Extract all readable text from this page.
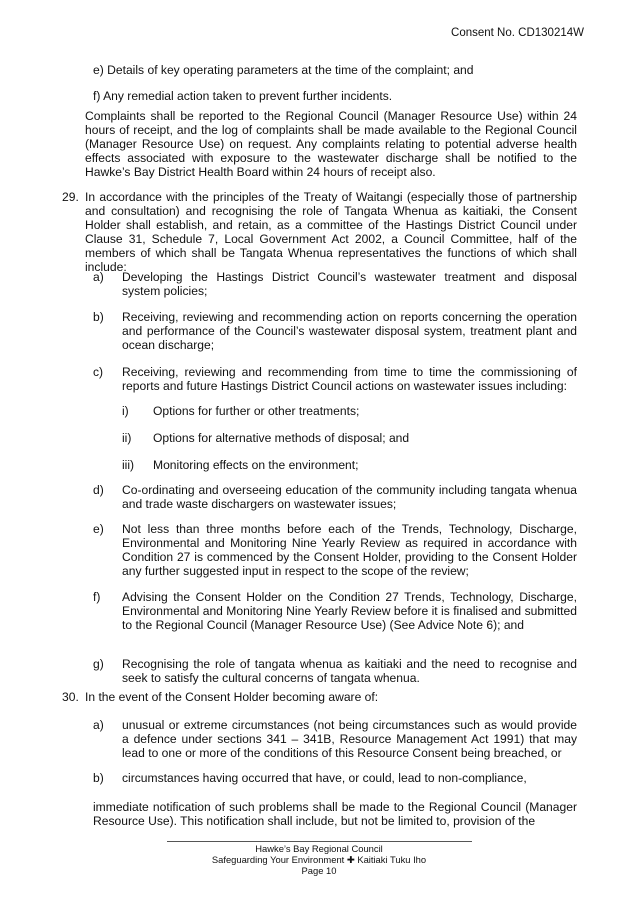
Consent No. CD130214W
e) Details of key operating parameters at the time of the complaint; and
f) Any remedial action taken to prevent further incidents.

Complaints shall be reported to the Regional Council (Manager Resource Use) within 24 hours of receipt, and the log of complaints shall be made available to the Regional Council (Manager Resource Use) on request. Any complaints relating to potential adverse health effects associated with exposure to the wastewater discharge shall be notified to the Hawke’s Bay District Health Board within 24 hours of receipt also.

29. In accordance with the principles of the Treaty of Waitangi (especially those of partnership and consultation) and recognising the role of Tangata Whenua as kaitiaki, the Consent Holder shall establish, and retain, as a committee of the Hastings District Council under Clause 31, Schedule 7, Local Government Act 2002, a Council Committee, half of the members of which shall be Tangata Whenua representatives the functions of which shall include:

a) Developing the Hastings District Council’s wastewater treatment and disposal system policies;

b) Receiving, reviewing and recommending action on reports concerning the operation and performance of the Council’s wastewater disposal system, treatment plant and ocean discharge;

c) Receiving, reviewing and recommending from time to time the commissioning of reports and future Hastings District Council actions on wastewater issues including:

i) Options for further or other treatments;

ii) Options for alternative methods of disposal; and

iii) Monitoring effects on the environment;

d) Co-ordinating and overseeing education of the community including tangata whenua and trade waste dischargers on wastewater issues;

e) Not less than three months before each of the Trends, Technology, Discharge, Environmental and Monitoring Nine Yearly Review as required in accordance with Condition 27 is commenced by the Consent Holder, providing to the Consent Holder any further suggested input in respect to the scope of the review;

f) Advising the Consent Holder on the Condition 27 Trends, Technology, Discharge, Environmental and Monitoring Nine Yearly Review before it is finalised and submitted to the Regional Council (Manager Resource Use) (See Advice Note 6); and

g) Recognising the role of tangata whenua as kaitiaki and the need to recognise and seek to satisfy the cultural concerns of tangata whenua.

30. In the event of the Consent Holder becoming aware of:

a) unusual or extreme circumstances (not being circumstances such as would provide a defence under sections 341 – 341B, Resource Management Act 1991) that may lead to one or more of the conditions of this Resource Consent being breached, or

b) circumstances having occurred that have, or could, lead to non-compliance,

immediate notification of such problems shall be made to the Regional Council (Manager Resource Use). This notification shall include, but not be limited to, provision of the

Hawke’s Bay Regional Council
Safeguarding Your Environment ✚ Kaitiaki Tuku Iho
Page 10
